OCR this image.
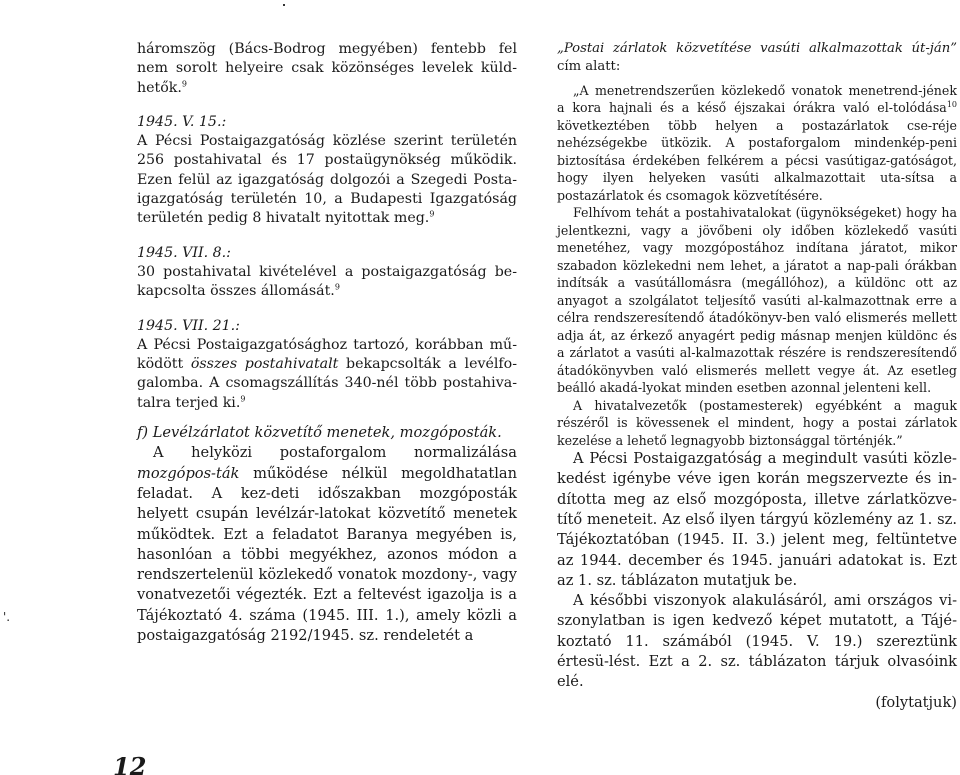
'.

háromszög (Bács-Bodrog megyében) fentebb fel nem sorolt helyeire csak közönséges levelek küld-hetők.$^9$

1945. V. 15.:

A Pécsi Postaigazgatóság közlése szerint területén 256 postahivatal és 17 postaügynökség működik. Ezen felül az igazgatóság dolgozói a Szegedi Posta-igazgatóság területén 10, a Budapesti Igazgatóság területén pedig 8 hivatalt nyitottak meg.$^9$

1945. VII. 8.:

30 postahivatal kivételével a postaigazgatóság be-kapcsolta összes állomását.$^9$

1945. VII. 21.:

A Pécsi Postaigazgatósághoz tartozó, korábban mű-ködött összes postahivatalt bekapcsolták a levélfo-galomba. A csomagszállítás 340-nél több postahiva-talra terjed ki.$^9$

f) Levélzárlatot közvetítő menetek, mozgóposták.

A helyközi postaforgalom normalizálása mozgópos-ták működése nélkül megoldhatatlan feladat. A kez-deti időszakban mozgóposták helyett csupán levélzár-latokat közvetítő menetek működtek. Ezt a feladatot Baranya megyében is, hasonlóan a többi megyékhez, azonos módon a rendszertelenül közlekedő vonatok mozdony-, vagy vonatvezetői végezték. Ezt a feltevést igazolja is a Tájékoztató 4. száma (1945. III. 1.), amely közli a postaigazgatóság 2192/1945. sz. rendeletét a

„Postai zárlatok közvetítése vasúti alkalmazottak út-ján” cím alatt:

„A menetrendszerűen közlekedő vonatok menetrend-jének a kora hajnali és a késő éjszakai órákra való el-tolódása$^{10}$ következtében több helyen a postazárlatok cse-réje nehézségekbe ütközik. A postaforgalom mindenkép-peni biztosítása érdekében felkérem a pécsi vasútigaz-gatóságot, hogy ilyen helyeken vasúti alkalmazottait uta-sítsa a postazárlatok és csomagok közvetítésére.

Felhívom tehát a postahivatalokat (ügynökségeket) hogy ha jelentkezni, vagy a jövőbeni oly időben közlekedő vasúti menetéhez, vagy mozgópostához indítana járatot, mikor szabadon közlekedni nem lehet, a járatot a nap-pali órákban indítsák a vasútállomásra (megállóhoz), a küldönc ott az anyagot a szolgálatot teljesítő vasúti al-kalmazottnak erre a célra rendszeresítendő átadókönyv-ben való elismerés mellett adja át, az érkező anyagért pedig másnap menjen küldönc és a zárlatot a vasúti al-kalmazottak részére is rendszeresítendő átadókönyvben való elismerés mellett vegye át. Az esetleg beálló akadá-lyokat minden esetben azonnal jelenteni kell.

A hivatalvezetők (postamesterek) egyébként a maguk részéről is kövessenek el mindent, hogy a postai zárlatok kezelése a lehető legnagyobb biztonsággal történjék.”

A Pécsi Postaigazgatóság a megindult vasúti közle-kedést igénybe véve igen korán megszervezte és in-dította meg az első mozgóposta, illetve zárlatközve-títő meneteit. Az első ilyen tárgyú közlemény az 1. sz. Tájékoztatóban (1945. II. 3.) jelent meg, feltüntetve az 1944. december és 1945. januári adatokat is. Ezt az 1. sz. táblázaton mutatjuk be.

A későbbi viszonyok alakulásáról, ami országos vi-szonylatban is igen kedvező képet mutatott, a Tájé-koztató 11. számából (1945. V. 19.) szereztünk értesü-lést. Ezt a 2. sz. táblázaton tárjuk olvasóink elé.

(folytatjuk)

12
